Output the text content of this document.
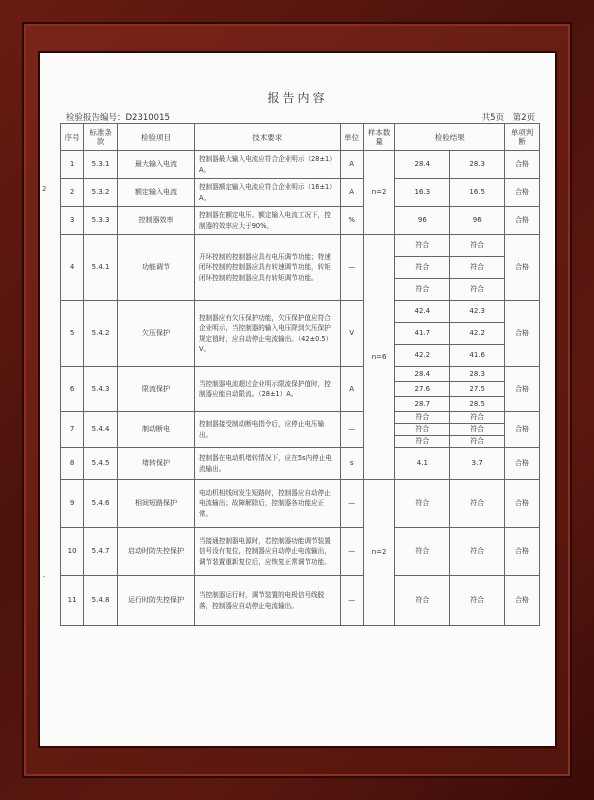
报告内容
检验报告编号：D2310015	共5页　第2页
序号	标准条款	检验项目	技术要求	单位	样本数量	检验结果		单项判断
1	5.3.1	最大输入电流	控制器最大输入电流应符合企业明示（28±1）A。	A	n=2	28.4	28.3	合格
2	5.3.2	额定输入电流	控制器额定输入电流应符合企业明示（16±1）A。	A		16.3	16.5	合格
3	5.3.3	控制器效率	控制器在额定电压、额定输入电流工况下，控制器的效率应大于90%。	%		96	96	合格
4	5.4.1	功能调节	开环控制的控制器应具有电压调节功能；特速闭环控制的控制器应具有转速调节功能，转矩闭环控制的控制器应具有转矩调节功能。	—	n=6	符合	符合	合格
						符合	符合	
						符合	符合	
5	5.4.2	欠压保护	控制器应有欠压保护功能，欠压保护值应符合企业明示，当控制器的输入电压降到欠压保护规定值时，应自动停止电流输出。（42±0.5）V。	V		42.4	42.3	合格
						41.7	42.2	
						42.2	41.6	
6	5.4.3	限流保护	当控制器电流超过企业明示限流保护值时，控制器应能自动限流。（28±1）A。	A		28.4	28.3	合格
						27.6	27.5	
						28.7	28.5	
7	5.4.4	制动断电	控制器接受制动断电指令后，应停止电压输出。	—		符合	符合	合格
						符合	符合	
						符合	符合	
8	5.4.5	堵转保护	控制器在电动机堵转情况下，应在5s内停止电流输出。	s		4.1	3.7	合格
9	5.4.6	相间短路保护	电动机相线间发生短路时，控制器应自动停止电流输出；故障解除后，控制器各功能应正常。	—	n=2	符合	符合	合格
10	5.4.7	启动时防失控保护	当接通控制器电源时，若控制器功能调节装置信号没有复位，控制器应自动停止电流输出，调节装置重新复位后，应恢复正常调节功能。	—		符合	符合	合格
11	5.4.8	运行时防失控保护	当控制器运行时，调节装置的电极信号线脱落，控制器应自动停止电流输出。	—		符合	符合	合格
2
-
